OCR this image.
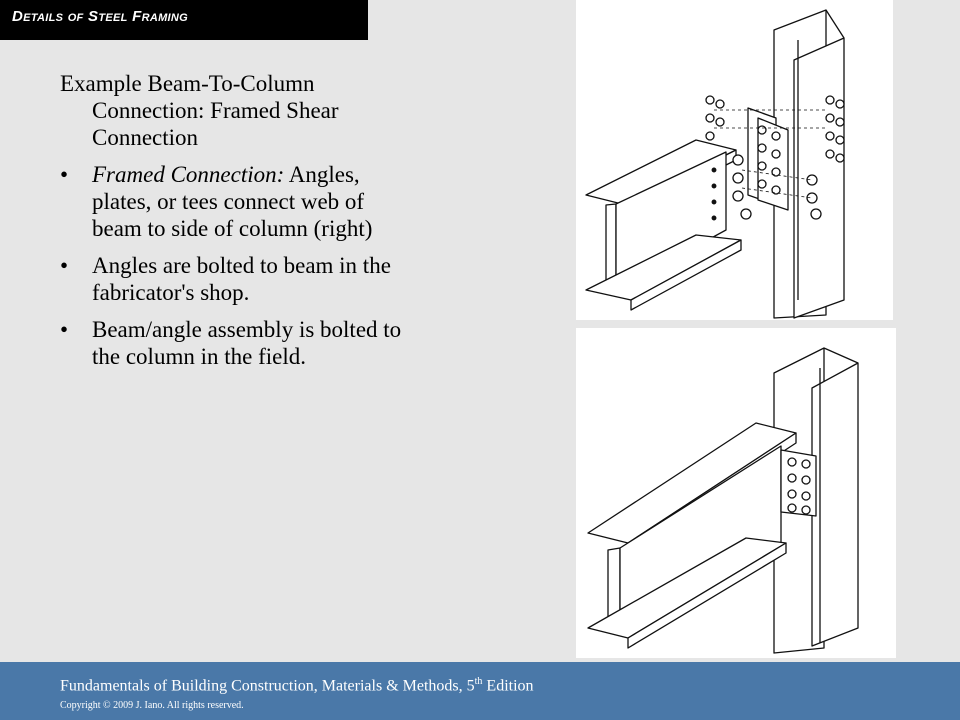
Details of Steel Framing

Example Beam-To-Column Connection: Framed Shear Connection

• Framed Connection: Angles, plates, or tees connect web of beam to side of column (right)
• Angles are bolted to beam in the fabricator's shop.
• Beam/angle assembly is bolted to the column in the field.
Fundamentals of Building Construction, Materials & Methods, 5th Edition
Copyright © 2009 J. Iano. All rights reserved.
